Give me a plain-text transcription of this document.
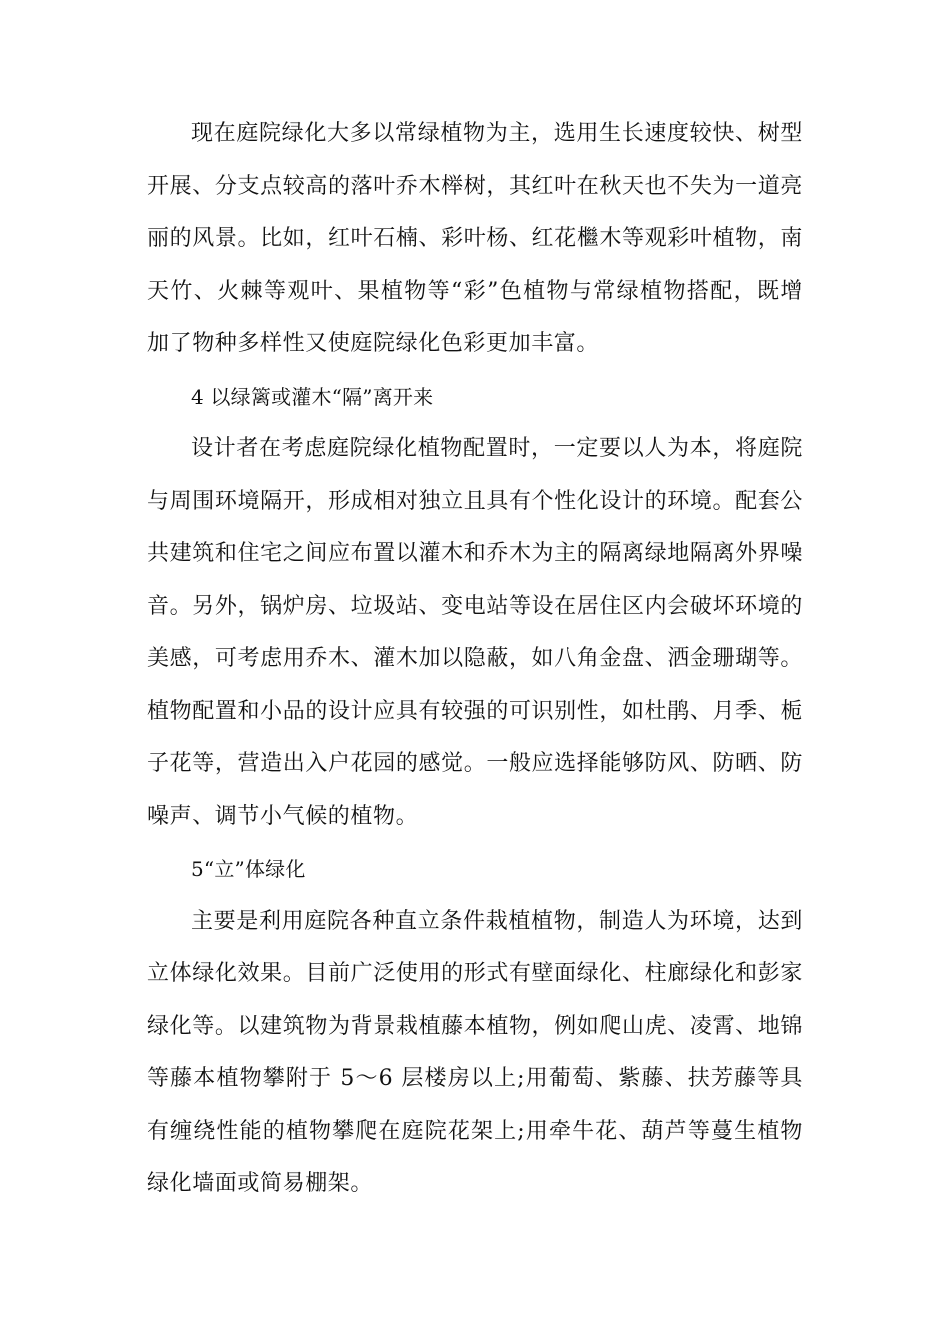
现在庭院绿化大多以常绿植物为主，选用生长速度较快、树型开展、分支点较高的落叶乔木榉树，其红叶在秋天也不失为一道亮丽的风景。比如，红叶石楠、彩叶杨、红花檵木等观彩叶植物，南天竹、火棘等观叶、果植物等“彩”色植物与常绿植物搭配，既增加了物种多样性又使庭院绿化色彩更加丰富。

4 以绿篱或灌木“隔”离开来

设计者在考虑庭院绿化植物配置时，一定要以人为本，将庭院与周围环境隔开，形成相对独立且具有个性化设计的环境。配套公共建筑和住宅之间应布置以灌木和乔木为主的隔离绿地隔离外界噪音。另外，锅炉房、垃圾站、变电站等设在居住区内会破坏环境的美感，可考虑用乔木、灌木加以隐蔽，如八角金盘、洒金珊瑚等。植物配置和小品的设计应具有较强的可识别性，如杜鹃、月季、栀子花等，营造出入户花园的感觉。一般应选择能够防风、防晒、防噪声、调节小气候的植物。

5“立”体绿化

主要是利用庭院各种直立条件栽植植物，制造人为环境，达到立体绿化效果。目前广泛使用的形式有壁面绿化、柱廊绿化和彭家绿化等。以建筑物为背景栽植藤本植物，例如爬山虎、凌霄、地锦等藤本植物攀附于 5～6 层楼房以上;用葡萄、紫藤、扶芳藤等具有缠绕性能的植物攀爬在庭院花架上;用牵牛花、葫芦等蔓生植物绿化墙面或简易棚架。
